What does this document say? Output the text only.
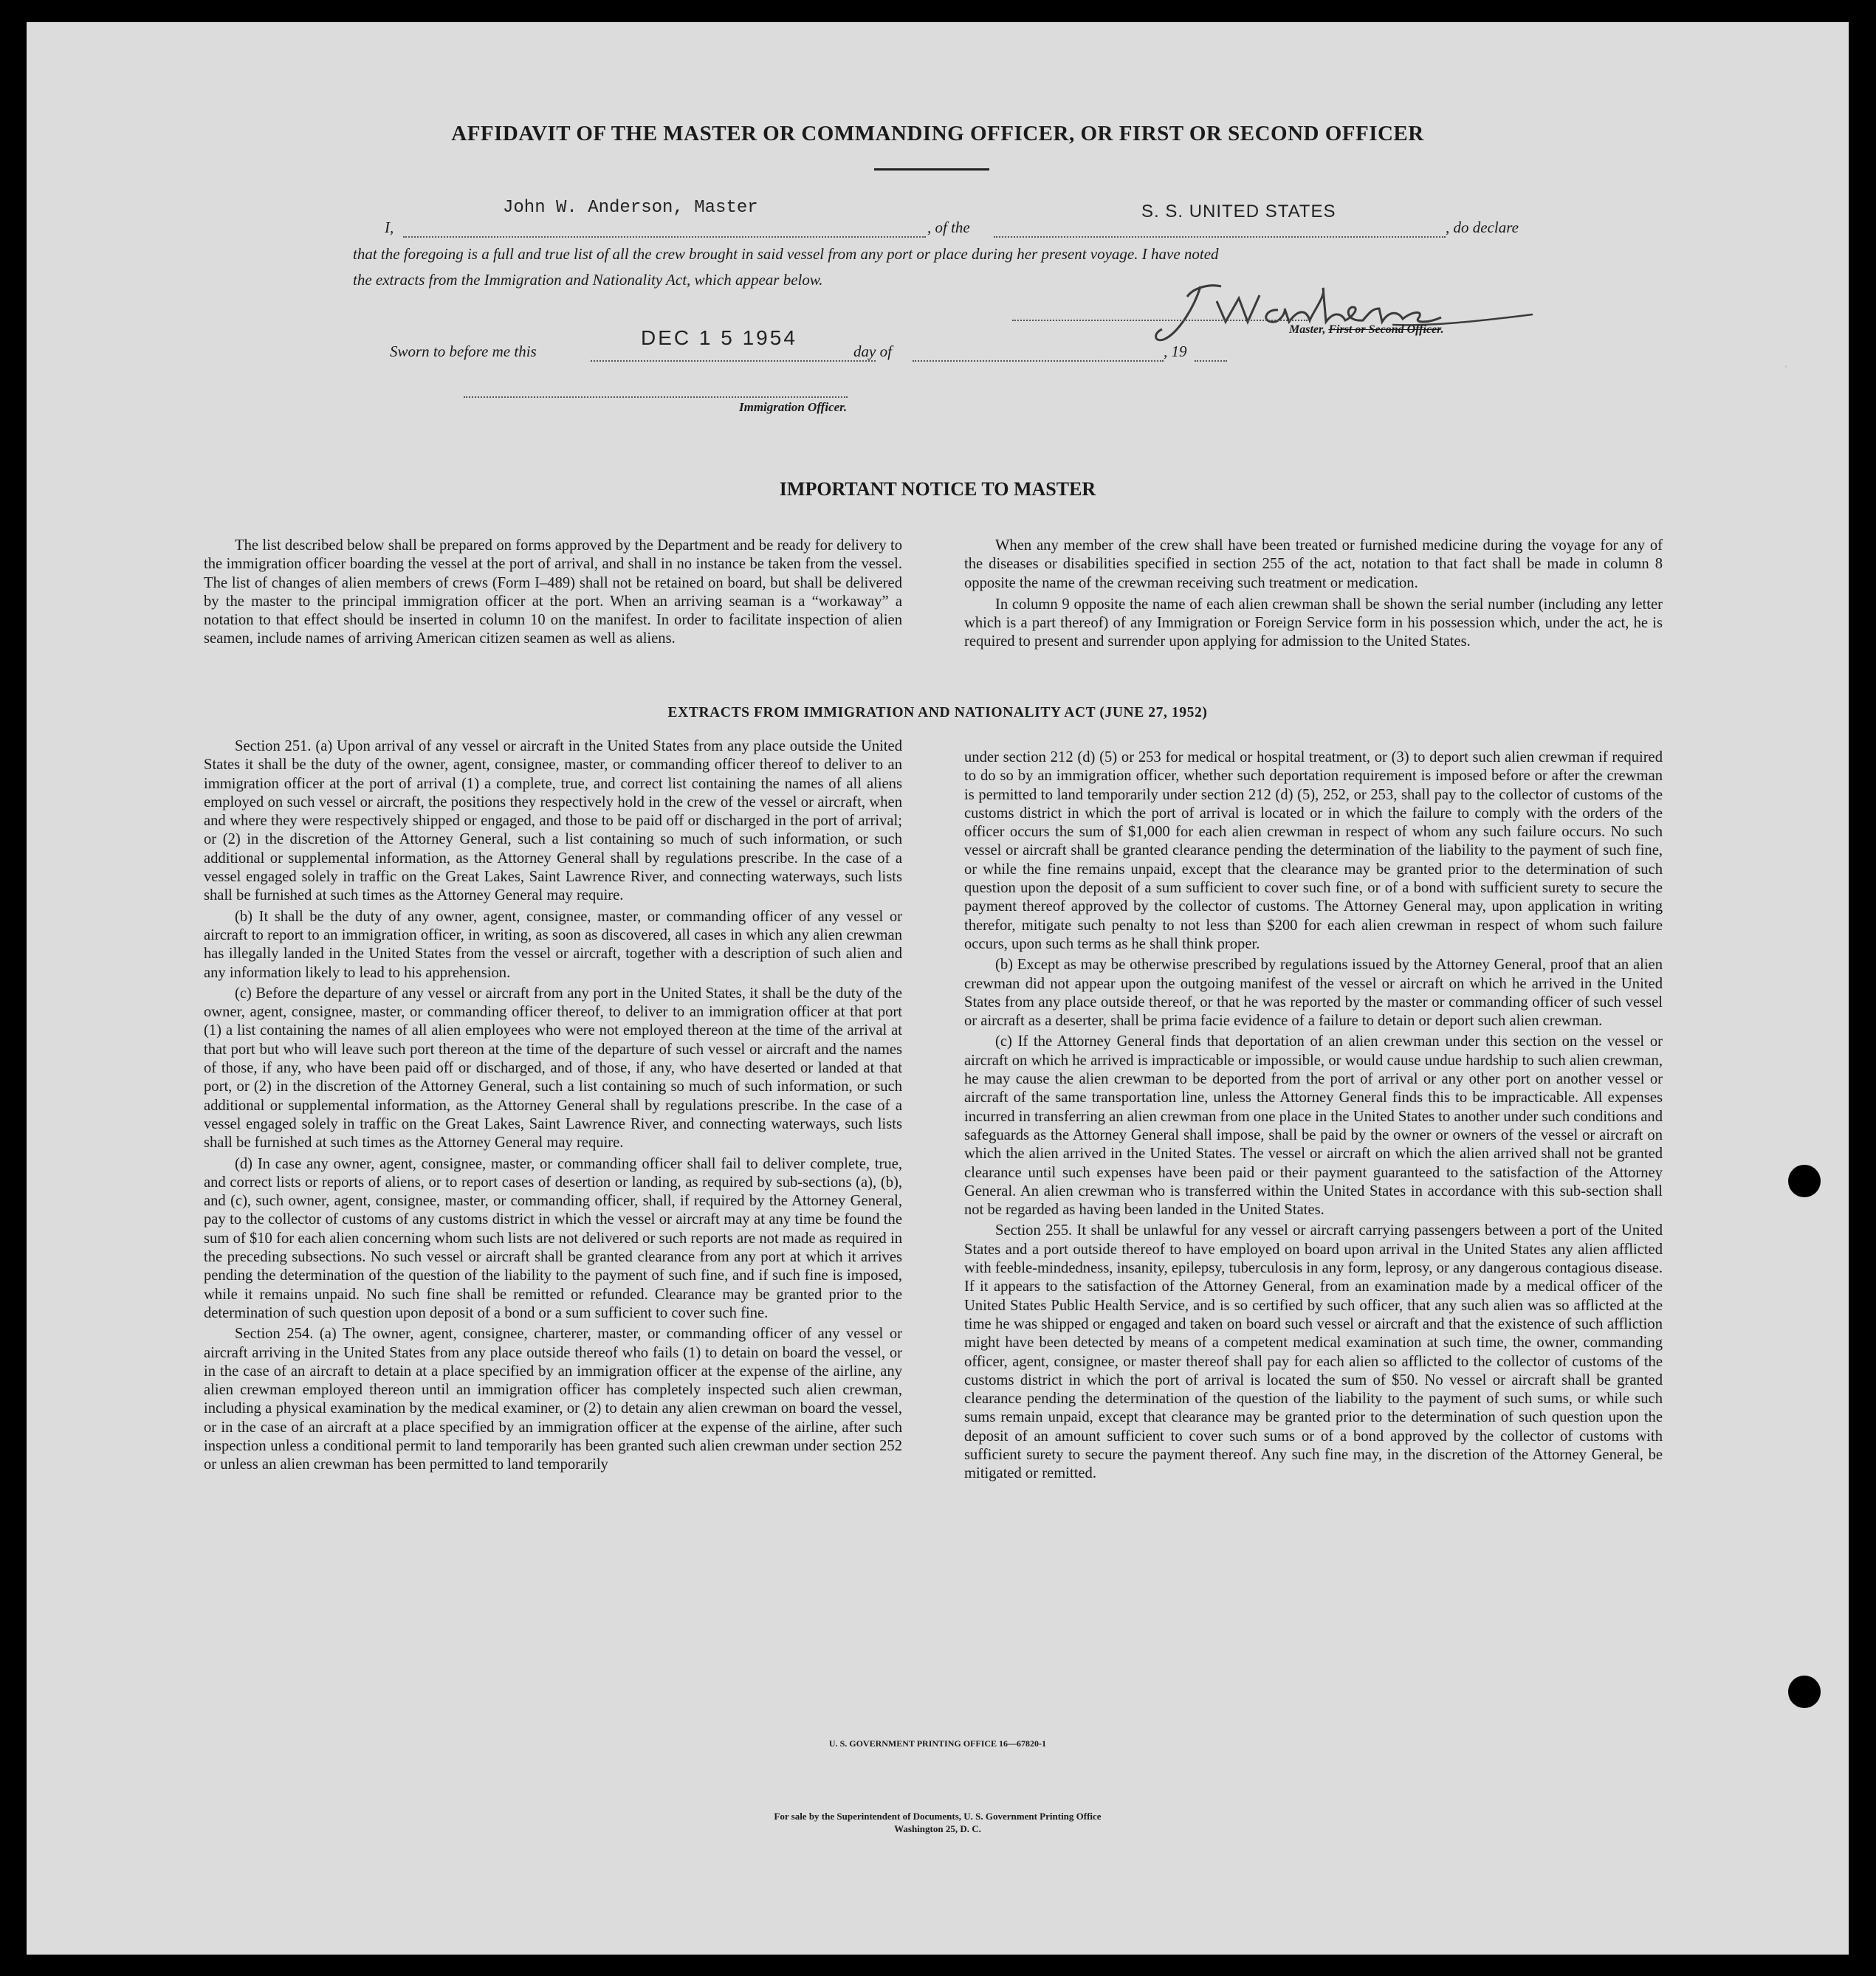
·
AFFIDAVIT OF THE MASTER OR COMMANDING OFFICER, OR FIRST OR SECOND OFFICER
I,
John W. Anderson, Master
, of the
S. S. UNITED STATES
, do declare
that the foregoing is a full and true list of all the crew brought in said vessel from any port or place during her present voyage. I have noted
the extracts from the Immigration and Nationality Act, which appear below.
Master, First or Second Officer.
Sworn to before me this
DEC 1 5 1954
day of	, 19
Immigration Officer.
IMPORTANT NOTICE TO MASTER

The list described below shall be prepared on forms approved by the Department and be ready for delivery to the immigration officer boarding the vessel at the port of arrival, and shall in no instance be taken from the vessel. The list of changes of alien members of crews (Form I–489) shall not be retained on board, but shall be delivered by the master to the principal immigration officer at the port. When an arriving seaman is a “workaway” a notation to that effect should be inserted in column 10 on the manifest. In order to facilitate inspection of alien seamen, include names of arriving American citizen seamen as well as aliens.

When any member of the crew shall have been treated or furnished medicine during the voyage for any of the diseases or disabilities specified in section 255 of the act, notation to that fact shall be made in column 8 opposite the name of the crewman receiving such treatment or medication.

In column 9 opposite the name of each alien crewman shall be shown the serial number (including any letter which is a part thereof) of any Immigration or Foreign Service form in his possession which, under the act, he is required to present and surrender upon applying for admission to the United States.

EXTRACTS FROM IMMIGRATION AND NATIONALITY ACT (JUNE 27, 1952)

Section 251. (a) Upon arrival of any vessel or aircraft in the United States from any place outside the United States it shall be the duty of the owner, agent, consignee, master, or commanding officer thereof to deliver to an immigration officer at the port of arrival (1) a complete, true, and correct list containing the names of all aliens employed on such vessel or aircraft, the positions they respectively hold in the crew of the vessel or aircraft, when and where they were respectively shipped or engaged, and those to be paid off or discharged in the port of arrival; or (2) in the discretion of the Attorney General, such a list containing so much of such information, or such additional or supplemental information, as the Attorney General shall by regulations prescribe. In the case of a vessel engaged solely in traffic on the Great Lakes, Saint Lawrence River, and connecting waterways, such lists shall be furnished at such times as the Attorney General may require.

(b) It shall be the duty of any owner, agent, consignee, master, or commanding officer of any vessel or aircraft to report to an immigration officer, in writing, as soon as discovered, all cases in which any alien crewman has illegally landed in the United States from the vessel or aircraft, together with a description of such alien and any information likely to lead to his apprehension.

(c) Before the departure of any vessel or aircraft from any port in the United States, it shall be the duty of the owner, agent, consignee, master, or commanding officer thereof, to deliver to an immigration officer at that port (1) a list containing the names of all alien employees who were not employed thereon at the time of the arrival at that port but who will leave such port thereon at the time of the departure of such vessel or aircraft and the names of those, if any, who have been paid off or discharged, and of those, if any, who have deserted or landed at that port, or (2) in the discretion of the Attorney General, such a list containing so much of such information, or such additional or supplemental information, as the Attorney General shall by regulations prescribe. In the case of a vessel engaged solely in traffic on the Great Lakes, Saint Lawrence River, and connecting waterways, such lists shall be furnished at such times as the Attorney General may require.

(d) In case any owner, agent, consignee, master, or commanding officer shall fail to deliver complete, true, and correct lists or reports of aliens, or to report cases of desertion or landing, as required by sub-sections (a), (b), and (c), such owner, agent, consignee, master, or commanding officer, shall, if required by the Attorney General, pay to the collector of customs of any customs district in which the vessel or aircraft may at any time be found the sum of $10 for each alien concerning whom such lists are not delivered or such reports are not made as required in the preceding subsections. No such vessel or aircraft shall be granted clearance from any port at which it arrives pending the determination of the question of the liability to the payment of such fine, and if such fine is imposed, while it remains unpaid. No such fine shall be remitted or refunded. Clearance may be granted prior to the determination of such question upon deposit of a bond or a sum sufficient to cover such fine.

Section 254. (a) The owner, agent, consignee, charterer, master, or commanding officer of any vessel or aircraft arriving in the United States from any place outside thereof who fails (1) to detain on board the vessel, or in the case of an aircraft to detain at a place specified by an immigration officer at the expense of the airline, any alien crewman employed thereon until an immigration officer has completely inspected such alien crewman, including a physical examination by the medical examiner, or (2) to detain any alien crewman on board the vessel, or in the case of an aircraft at a place specified by an immigration officer at the expense of the airline, after such inspection unless a conditional permit to land temporarily has been granted such alien crewman under section 252 or unless an alien crewman has been permitted to land temporarily

under section 212 (d) (5) or 253 for medical or hospital treatment, or (3) to deport such alien crewman if required to do so by an immigration officer, whether such deportation requirement is imposed before or after the crewman is permitted to land temporarily under section 212 (d) (5), 252, or 253, shall pay to the collector of customs of the customs district in which the port of arrival is located or in which the failure to comply with the orders of the officer occurs the sum of $1,000 for each alien crewman in respect of whom any such failure occurs. No such vessel or aircraft shall be granted clearance pending the determination of the liability to the payment of such fine, or while the fine remains unpaid, except that the clearance may be granted prior to the determination of such question upon the deposit of a sum sufficient to cover such fine, or of a bond with sufficient surety to secure the payment thereof approved by the collector of customs. The Attorney General may, upon application in writing therefor, mitigate such penalty to not less than $200 for each alien crewman in respect of whom such failure occurs, upon such terms as he shall think proper.

(b) Except as may be otherwise prescribed by regulations issued by the Attorney General, proof that an alien crewman did not appear upon the outgoing manifest of the vessel or aircraft on which he arrived in the United States from any place outside thereof, or that he was reported by the master or commanding officer of such vessel or aircraft as a deserter, shall be prima facie evidence of a failure to detain or deport such alien crewman.

(c) If the Attorney General finds that deportation of an alien crewman under this section on the vessel or aircraft on which he arrived is impracticable or impossible, or would cause undue hardship to such alien crewman, he may cause the alien crewman to be deported from the port of arrival or any other port on another vessel or aircraft of the same transportation line, unless the Attorney General finds this to be impracticable. All expenses incurred in transferring an alien crewman from one place in the United States to another under such conditions and safeguards as the Attorney General shall impose, shall be paid by the owner or owners of the vessel or aircraft on which the alien arrived in the United States. The vessel or aircraft on which the alien arrived shall not be granted clearance until such expenses have been paid or their payment guaranteed to the satisfaction of the Attorney General. An alien crewman who is transferred within the United States in accordance with this sub-section shall not be regarded as having been landed in the United States.

Section 255. It shall be unlawful for any vessel or aircraft carrying passengers between a port of the United States and a port outside thereof to have employed on board upon arrival in the United States any alien afflicted with feeble-mindedness, insanity, epilepsy, tuberculosis in any form, leprosy, or any dangerous contagious disease. If it appears to the satisfaction of the Attorney General, from an examination made by a medical officer of the United States Public Health Service, and is so certified by such officer, that any such alien was so afflicted at the time he was shipped or engaged and taken on board such vessel or aircraft and that the existence of such affliction might have been detected by means of a competent medical examination at such time, the owner, commanding officer, agent, consignee, or master thereof shall pay for each alien so afflicted to the collector of customs of the customs district in which the port of arrival is located the sum of $50. No vessel or aircraft shall be granted clearance pending the determination of the question of the liability to the payment of such sums, or while such sums remain unpaid, except that clearance may be granted prior to the determination of such question upon the deposit of an amount sufficient to cover such sums or of a bond approved by the collector of customs with sufficient surety to secure the payment thereof. Any such fine may, in the discretion of the Attorney General, be mitigated or remitted.

U. S. GOVERNMENT PRINTING OFFICE 16—67820-1
For sale by the Superintendent of Documents, U. S. Government Printing Office
Washington 25, D. C.
